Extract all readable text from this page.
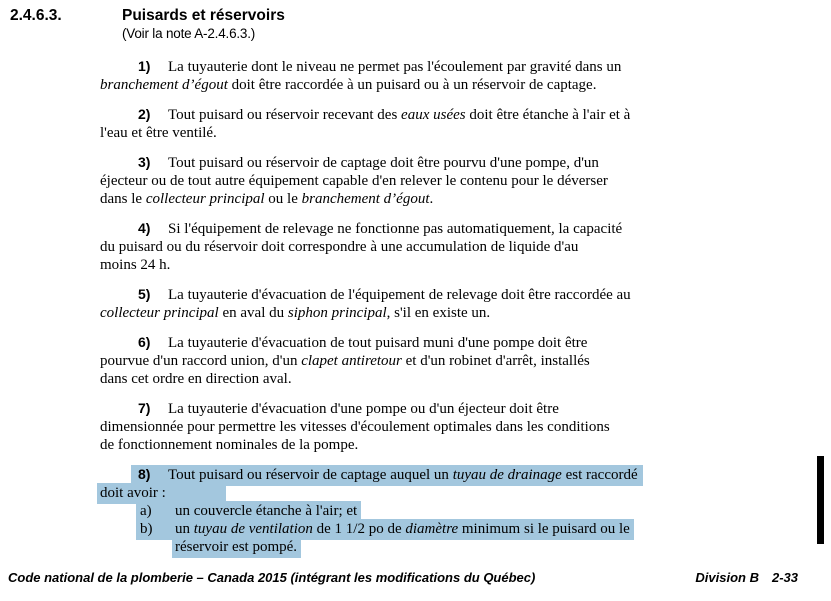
2.4.6.3.	Puisards et réservoirs
(Voir la note A-2.4.6.3.)
1) La tuyauterie dont le niveau ne permet pas l'écoulement par gravité dans un
branchement d’égout doit être raccordée à un puisard ou à un réservoir de captage.
2) Tout puisard ou réservoir recevant des eaux usées doit être étanche à l'air et à
l'eau et être ventilé.
3) Tout puisard ou réservoir de captage doit être pourvu d'une pompe, d'un
éjecteur ou de tout autre équipement capable d'en relever le contenu pour le déverser
dans le collecteur principal ou le branchement d’égout.
4) Si l'équipement de relevage ne fonctionne pas automatiquement, la capacité
du puisard ou du réservoir doit correspondre à une accumulation de liquide d'au
moins 24 h.
5) La tuyauterie d'évacuation de l'équipement de relevage doit être raccordée au
collecteur principal en aval du siphon principal, s'il en existe un.
6) La tuyauterie d'évacuation de tout puisard muni d'une pompe doit être
pourvue d'un raccord union, d'un clapet antiretour et d'un robinet d'arrêt, installés
dans cet ordre en direction aval.
7) La tuyauterie d'évacuation d'une pompe ou d'un éjecteur doit être
dimensionnée pour permettre les vitesses d'écoulement optimales dans les conditions
de fonctionnement nominales de la pompe.
8) Tout puisard ou réservoir de captage auquel un tuyau de drainage est raccordé
doit avoir :
a) un couvercle étanche à l'air; et
b) un tuyau de ventilation de 1 1/2 po de diamètre minimum si le puisard ou le
réservoir est pompé.
Code national de la plomberie – Canada 2015 (intégrant les modifications du Québec)	Division B 2-33
